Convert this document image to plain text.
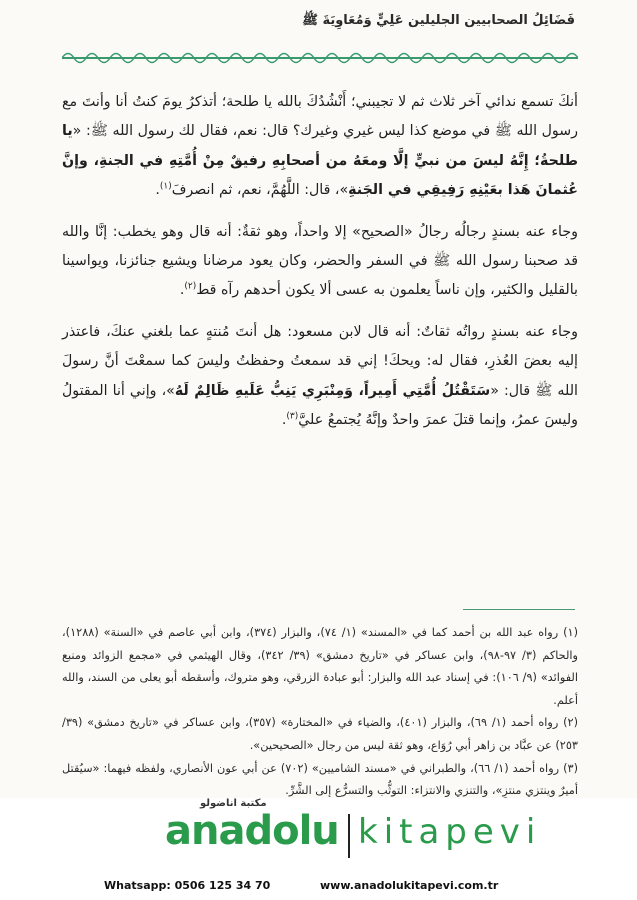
فَضَائِلُ الصحابيين الجليلين عَلِيٍّ وَمُعَاوِيَةَ ﷺ

أنكَ تسمع ندائي آخر ثلاث ثم لا تجيبني؛ أَنْشُدُكَ بالله يا طلحة؛ أتذكرُ يومَ كنتُ أنا وأنتَ مع رسول الله ﷺ في موضع كذا ليس غيري وغيرك؟ قال: نعم، فقال لك رسول الله ﷺ: «يا طلحةُ؛ إِنَّهُ ليسَ من نبيٍّ إلَّا ومعَهُ من أصحابِهِ رفيقٌ مِنْ أُمَّتِهِ في الجنةِ، وإنَّ عُثمانَ هَذا بعَيْنِهِ رَفِيقِي في الجَنةِ»، قال: اللَّهُمَّ، نعم، ثم انصرفَ$^{(١)}$.

وجاء عنه بسندٍ رجالُه رجالُ «الصحيح» إلا واحداً، وهو ثقةٌ: أنه قال وهو يخطب: إنَّا والله قد صحبنا رسول الله ﷺ في السفر والحضر، وكان يعود مرضانا ويشيع جنائزنا، ويواسينا بالقليل والكثير، وإن ناساً يعلمون به عسى ألا يكون أحدهم رآه قط$^{(٢)}$.

وجاء عنه بسندٍ رواتُه ثقاتٌ: أنه قال لابن مسعود: هل أنتَ مُنتهٍ عما بلغني عنكَ، فاعتذر إليه بعضَ العُذرِ، فقال له: ويحكَ! إني قد سمعتُ وحفظتُ وليسَ كما سمعْتَ أنَّ رسولَ الله ﷺ قال: «سَتَقْتُلُ أُمَّتِي أَمِيراً، وَمِنْبَرِي يَنِبُّ عَلَيهِ ظَالِمٌ لَهُ»، وإني أنا المقتولُ وليسَ عمرُ، وإنما قتلَ عمرَ واحدٌ وإنَّهُ يُجتمعُ عليَّ$^{(٣)}$.

(١) رواه عبد الله بن أحمد كما في «المسند» (١/ ٧٤)، والبزار (٣٧٤)، وابن أبي عاصم في «السنة» (١٢٨٨)، والحاكم (٣/ ٩٧-٩٨)، وابن عساكر في «تاريخ دمشق» (٣٩/ ٣٤٢)، وقال الهيثمي في «مجمع الزوائد ومنبع الفوائد» (٩/ ١٠٦): في إسناد عبد الله والبزار: أبو عبادة الزرقي، وهو متروك، وأسقطه أبو يعلى من السند، والله أعلم.
(٢) رواه أحمد (١/ ٦٩)، والبزار (٤٠١)، والضياء في «المختارة» (٣٥٧)، وابن عساكر في «تاريخ دمشق» (٣٩/ ٢٥٣) عن عبَّاد بن زاهر أبي رُوَاع، وهو ثقة ليس من رجال «الصحيحين».
(٣) رواه أحمد (١/ ٦٦)، والطبراني في «مسند الشاميين» (٧٠٢) عن أبي عون الأنصاري، ولفظه فيهما: «سيُقتل أميرٌ وينتزي منتزٍ»، والتنزي والانتزاء: التوثُّب والتسرُّع إلى الشَّرِّ.
مكتبة اناضولو
anadolu kitapevi
Whatsapp: 0506 125 34 70	www.anadolukitapevi.com.tr
